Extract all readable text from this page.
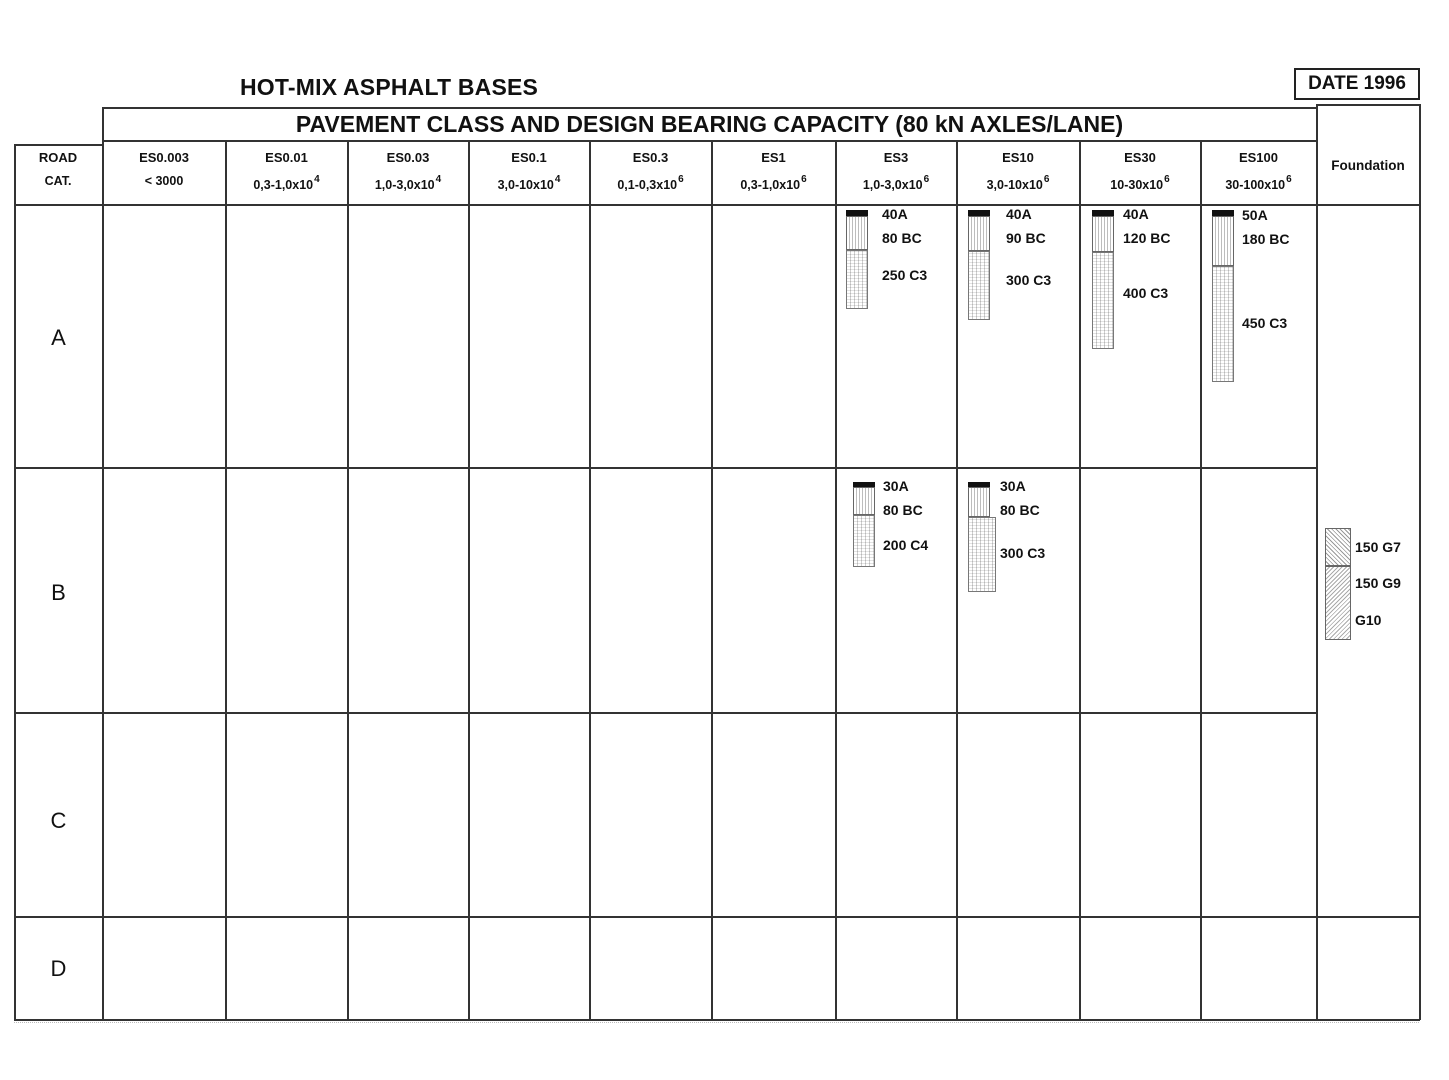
HOT-MIX ASPHALT BASES	DATE 1996
PAVEMENT CLASS AND DESIGN BEARING CAPACITY (80 kN AXLES/LANE)
ROAD
CAT.
ES0.003
< 3000
ES0.01
$0,3-1,0x10^4$
ES0.03
$1,0-3,0x10^4$
ES0.1
$3,0-10x10^4$
ES0.3
$0,1-0,3x10^6$
ES1
$0,3-1,0x10^6$
ES3
$1,0-3,0x10^6$
ES10
$3,0-10x10^6$
ES30
$10-30x10^6$
ES100
$30-100x10^6$
Foundation
A
B
C
D
40A
80 BC
250 C3
40A
90 BC
300 C3
40A
120 BC
400 C3
50A
180 BC
450 C3
30A
80 BC
200 C4
30A
80 BC
300 C3	150 G7
150 G9
G10
